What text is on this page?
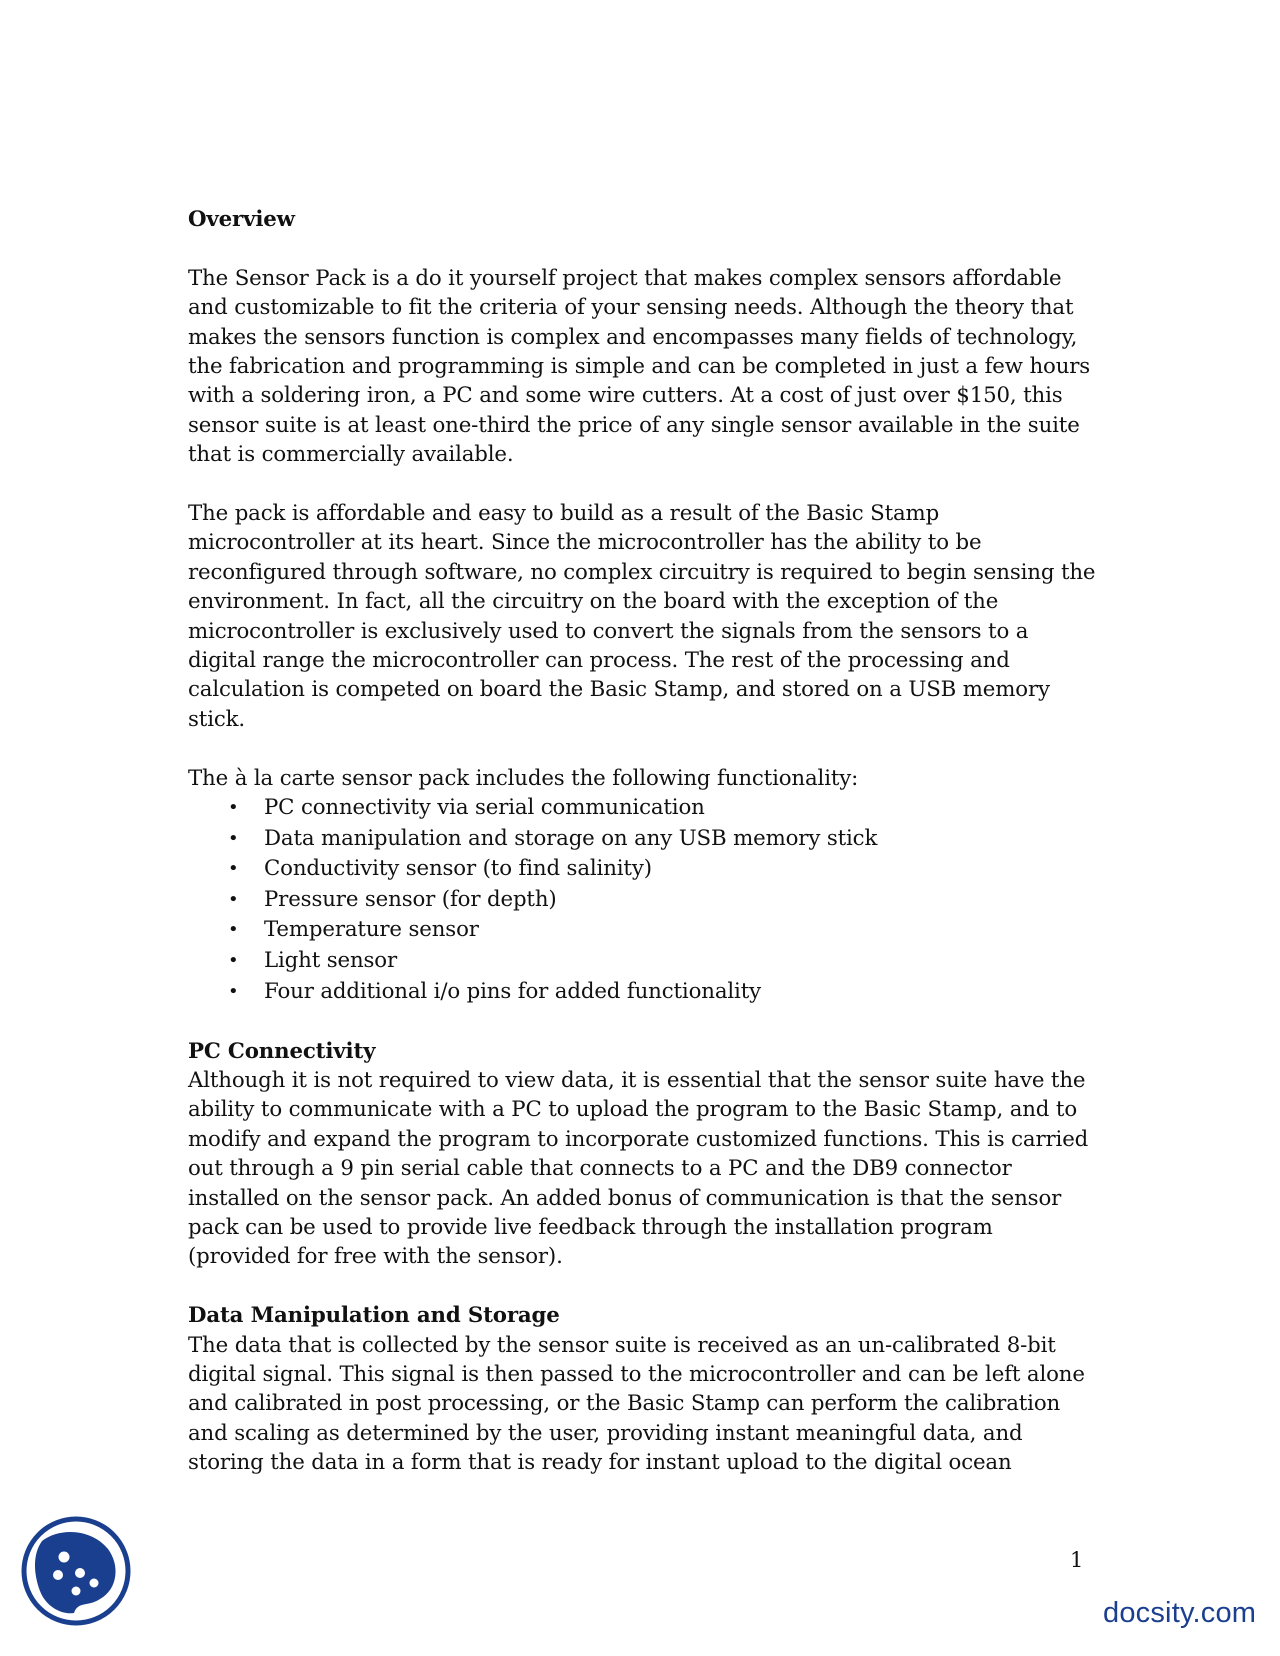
Overview

The Sensor Pack is a do it yourself project that makes complex sensors affordable and customizable to fit the criteria of your sensing needs. Although the theory that makes the sensors function is complex and encompasses many fields of technology, the fabrication and programming is simple and can be completed in just a few hours with a soldering iron, a PC and some wire cutters. At a cost of just over $150, this sensor suite is at least one-third the price of any single sensor available in the suite that is commercially available.

The pack is affordable and easy to build as a result of the Basic Stamp microcontroller at its heart. Since the microcontroller has the ability to be reconfigured through software, no complex circuitry is required to begin sensing the environment. In fact, all the circuitry on the board with the exception of the microcontroller is exclusively used to convert the signals from the sensors to a digital range the microcontroller can process. The rest of the processing and calculation is competed on board the Basic Stamp, and stored on a USB memory stick.

The à la carte sensor pack includes the following functionality:

• PC connectivity via serial communication
• Data manipulation and storage on any USB memory stick
• Conductivity sensor (to find salinity)
• Pressure sensor (for depth)
• Temperature sensor
• Light sensor
• Four additional i/o pins for added functionality

PC Connectivity

Although it is not required to view data, it is essential that the sensor suite have the ability to communicate with a PC to upload the program to the Basic Stamp, and to modify and expand the program to incorporate customized functions. This is carried out through a 9 pin serial cable that connects to a PC and the DB9 connector installed on the sensor pack. An added bonus of communication is that the sensor pack can be used to provide live feedback through the installation program (provided for free with the sensor).

Data Manipulation and Storage

The data that is collected by the sensor suite is received as an un-calibrated 8-bit digital signal. This signal is then passed to the microcontroller and can be left alone and calibrated in post processing, or the Basic Stamp can perform the calibration and scaling as determined by the user, providing instant meaningful data, and storing the data in a form that is ready for instant upload to the digital ocean

1
docsity.com
